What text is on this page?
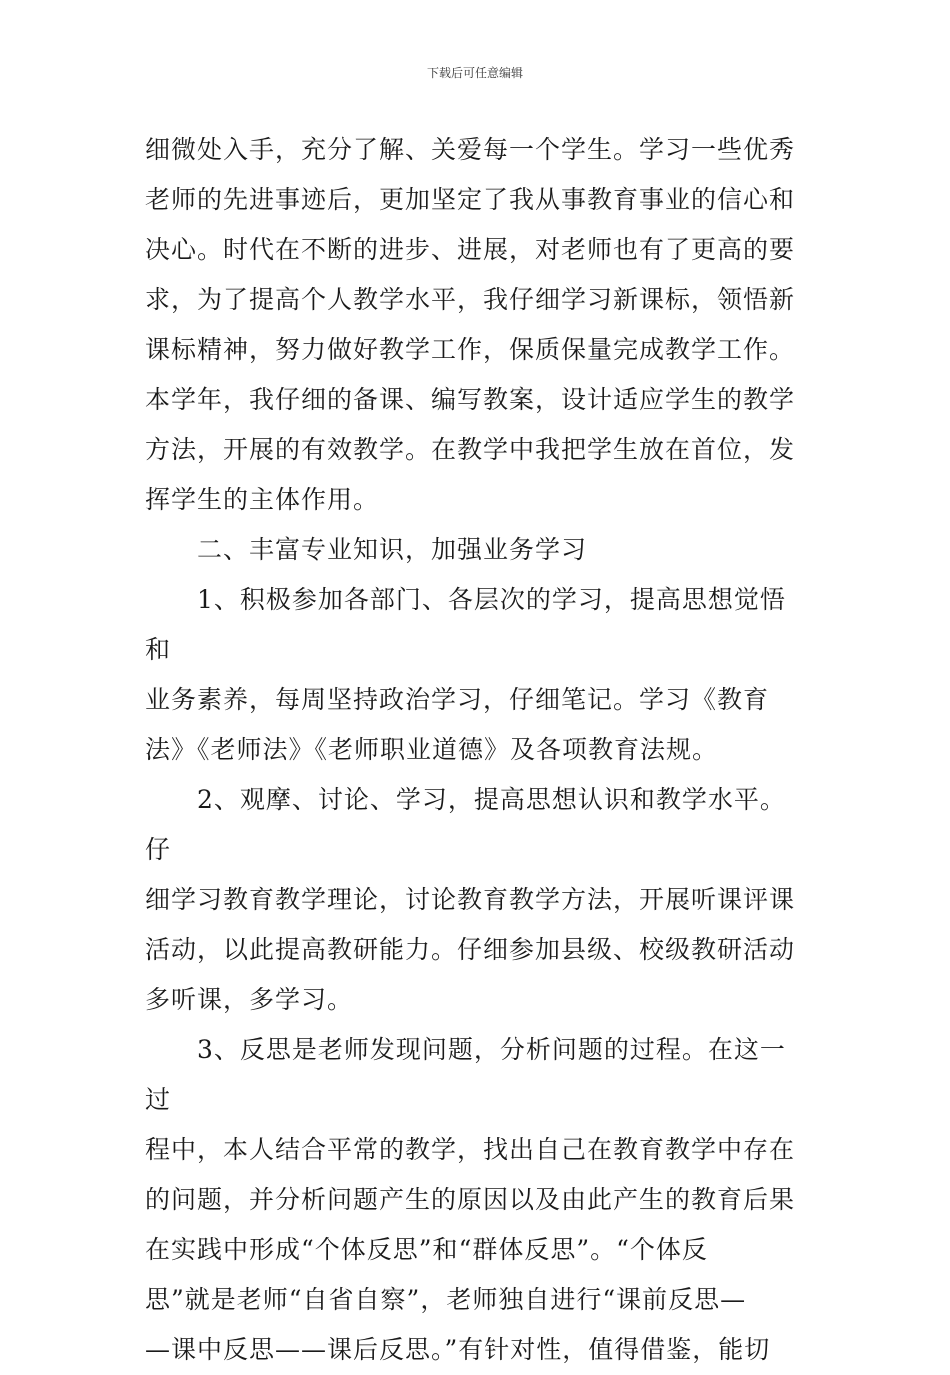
下载后可任意编辑

细微处入手，充分了解、关爱每一个学生。学习一些优秀

老师的先进事迹后，更加坚定了我从事教育事业的信心和

决心。时代在不断的进步、进展，对老师也有了更高的要

求，为了提高个人教学水平，我仔细学习新课标，领悟新

课标精神，努力做好教学工作，保质保量完成教学工作。

本学年，我仔细的备课、编写教案，设计适应学生的教学

方法，开展的有效教学。在教学中我把学生放在首位，发

挥学生的主体作用。

二、丰富专业知识，加强业务学习

1、积极参加各部门、各层次的学习，提高思想觉悟和

业务素养，每周坚持政治学习，仔细笔记。学习《教育

法》《老师法》《老师职业道德》及各项教育法规。

2、观摩、讨论、学习，提高思想认识和教学水平。仔

细学习教育教学理论，讨论教育教学方法，开展听课评课

活动，以此提高教研能力。仔细参加县级、校级教研活动

多听课，多学习。

3、反思是老师发现问题，分析问题的过程。在这一过

程中，本人结合平常的教学，找出自己在教育教学中存在

的问题，并分析问题产生的原因以及由此产生的教育后果

在实践中形成“个体反思”和“群体反思”。“个体反

思”就是老师“自省自察”，老师独自进行“课前反思—

—课中反思——课后反思。”有针对性，值得借鉴，能切
